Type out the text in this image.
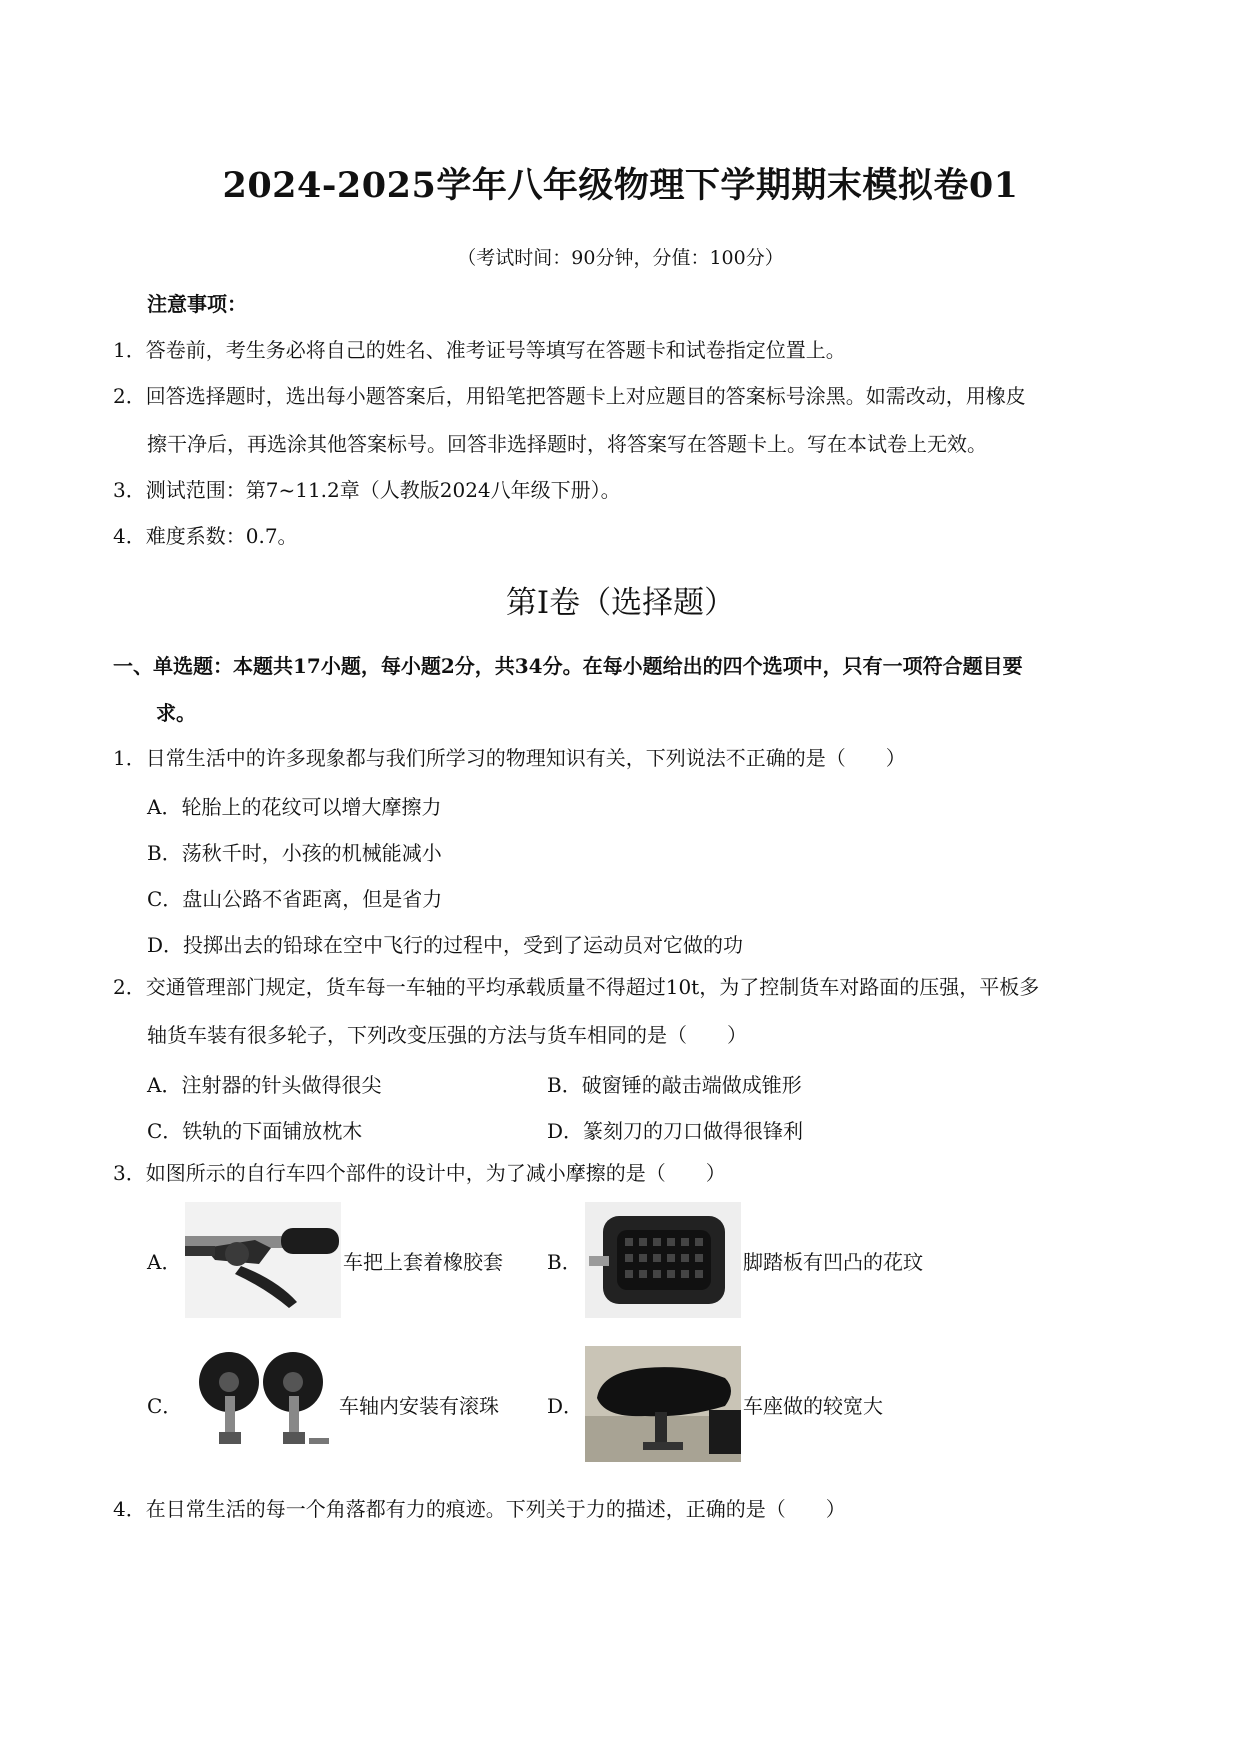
2024-2025学年八年级物理下学期期末模拟卷01
（考试时间：90分钟，分值：100分）
注意事项：
1．答卷前，考生务必将自己的姓名、准考证号等填写在答题卡和试卷指定位置上。
2．回答选择题时，选出每小题答案后，用铅笔把答题卡上对应题目的答案标号涂黑。如需改动，用橡皮
擦干净后，再选涂其他答案标号。回答非选择题时，将答案写在答题卡上。写在本试卷上无效。
3．测试范围：第7~11.2章（人教版2024八年级下册）。
4．难度系数：0.7。
第Ⅰ卷（选择题）
一、单选题：本题共17小题，每小题2分，共34分。在每小题给出的四个选项中，只有一项符合题目要
求。
1．日常生活中的许多现象都与我们所学习的物理知识有关，下列说法不正确的是（　　）
A．轮胎上的花纹可以增大摩擦力
B．荡秋千时，小孩的机械能减小
C．盘山公路不省距离，但是省力
D．投掷出去的铅球在空中飞行的过程中，受到了运动员对它做的功
2．交通管理部门规定，货车每一车轴的平均承载质量不得超过10t，为了控制货车对路面的压强，平板多
轴货车装有很多轮子，下列改变压强的方法与货车相同的是（　　）
A．注射器的针头做得很尖	B．破窗锤的敲击端做成锥形
C．铁轨的下面铺放枕木	D．篆刻刀的刀口做得很锋利
3．如图所示的自行车四个部件的设计中，为了减小摩擦的是（　　）
A．	车把上套着橡胶套 B．	脚踏板有凹凸的花玟
C．	车轴内安装有滚珠 D．	车座做的较宽大
4．在日常生活的每一个角落都有力的痕迹。下列关于力的描述，正确的是（　　）
